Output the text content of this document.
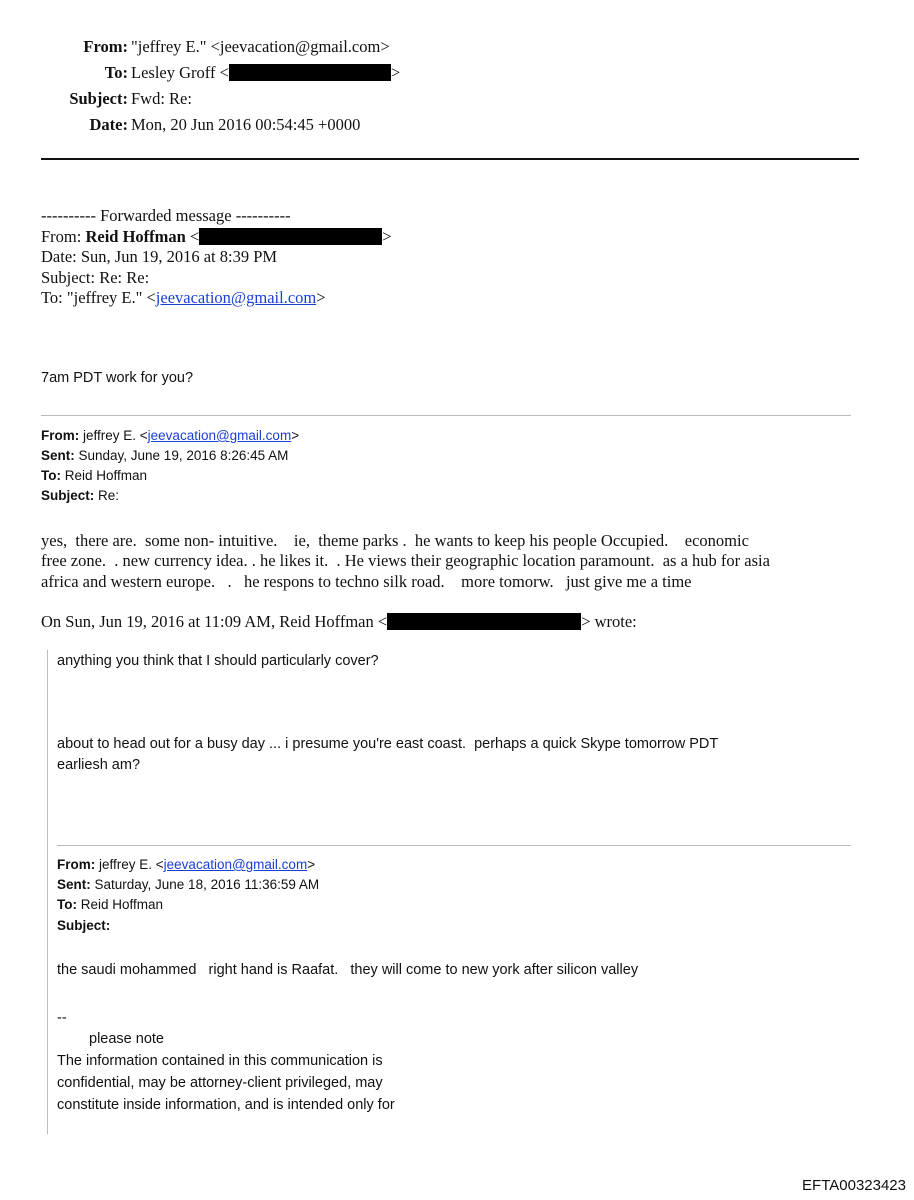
From: "jeffrey E." <jeevacation@gmail.com>
To: Lesley Groff <	>
Subject: Fwd: Re:
Date: Mon, 20 Jun 2016 00:54:45 +0000
---------- Forwarded message ----------
From: Reid Hoffman <	>
Date: Sun, Jun 19, 2016 at 8:39 PM
Subject: Re: Re:
To: "jeffrey E." <jeevacation@gmail.com>
7am PDT work for you?
From: jeffrey E. <jeevacation@gmail.com>
Sent: Sunday, June 19, 2016 8:26:45 AM
To: Reid Hoffman
Subject: Re:
yes,  there are.  some non- intuitive.    ie,  theme parks .  he wants to keep his people Occupied.    economic
free zone.  . new currency idea. . he likes it.  . He views their geographic location paramount.  as a hub for asia
africa and western europe.   .   he respons to techno silk road.    more tomorw.   just give me a time
On Sun, Jun 19, 2016 at 11:09 AM, Reid Hoffman <	> wrote:
anything you think that I should particularly cover?
about to head out for a busy day ... i presume you're east coast.  perhaps a quick Skype tomorrow PDT
earliesh am?
From: jeffrey E. <jeevacation@gmail.com>
Sent: Saturday, June 18, 2016 11:36:59 AM
To: Reid Hoffman
Subject:
the saudi mohammed   right hand is Raafat.   they will come to new york after silicon valley
--
please note
The information contained in this communication is
confidential, may be attorney-client privileged, may
constitute inside information, and is intended only for
EFTA00323423
